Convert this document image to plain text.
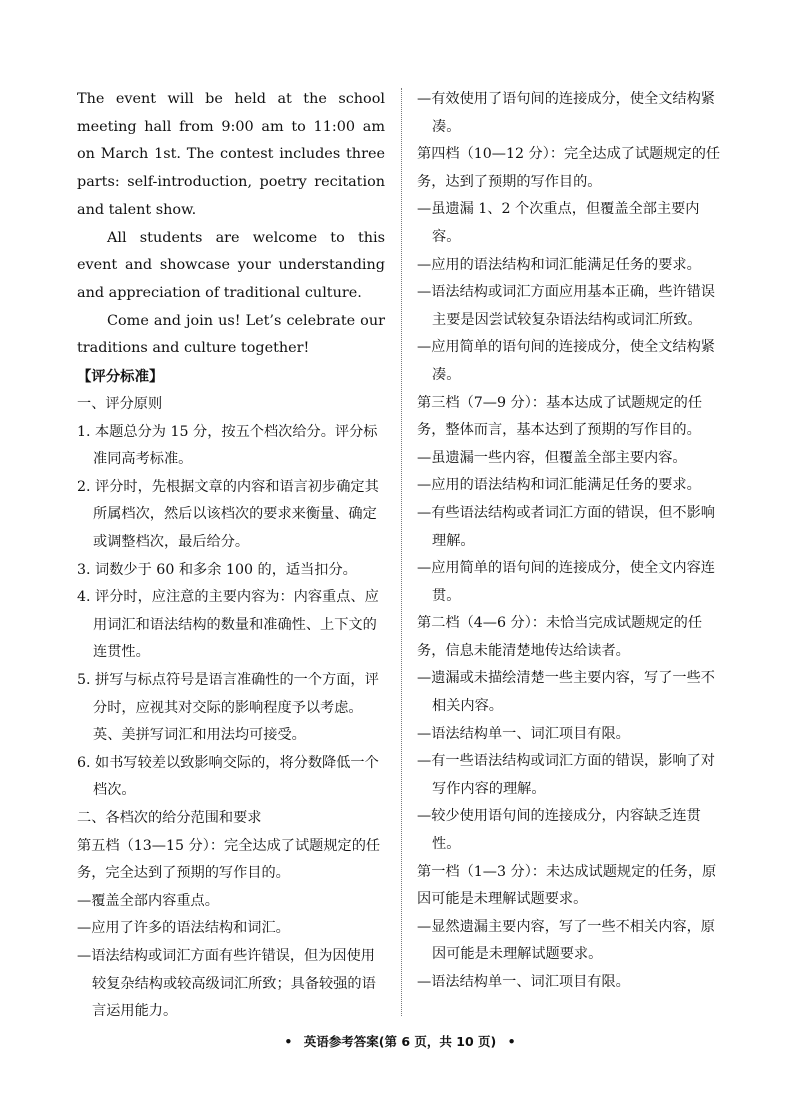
The event will be held at the school meeting hall from 9:00 am to 11:00 am on March 1st. The contest includes three parts: self-introduction, poetry recitation and talent show.

All students are welcome to this event and showcase your understanding and appreciation of traditional culture.

Come and join us! Let’s celebrate our traditions and culture together!

【评分标准】

一、评分原则

1. 本题总分为 15 分，按五个档次给分。评分标准同高考标准。

2. 评分时，先根据文章的内容和语言初步确定其所属档次，然后以该档次的要求来衡量、确定或调整档次，最后给分。

3. 词数少于 60 和多余 100 的，适当扣分。

4. 评分时，应注意的主要内容为：内容重点、应用词汇和语法结构的数量和准确性、上下文的连贯性。

5. 拼写与标点符号是语言准确性的一个方面，评分时，应视其对交际的影响程度予以考虑。英、美拼写词汇和用法均可接受。

6. 如书写较差以致影响交际的，将分数降低一个档次。

二、各档次的给分范围和要求

第五档（13—15 分）：完全达成了试题规定的任务，完全达到了预期的写作目的。

—覆盖全部内容重点。

—应用了许多的语法结构和词汇。

—语法结构或词汇方面有些许错误，但为因使用较复杂结构或较高级词汇所致；具备较强的语言运用能力。

—有效使用了语句间的连接成分，使全文结构紧凑。

第四档（10—12 分）：完全达成了试题规定的任务，达到了预期的写作目的。

—虽遗漏 1、2 个次重点，但覆盖全部主要内容。

—应用的语法结构和词汇能满足任务的要求。

—语法结构或词汇方面应用基本正确，些许错误主要是因尝试较复杂语法结构或词汇所致。

—应用简单的语句间的连接成分，使全文结构紧凑。

第三档（7—9 分）：基本达成了试题规定的任务，整体而言，基本达到了预期的写作目的。

—虽遗漏一些内容，但覆盖全部主要内容。

—应用的语法结构和词汇能满足任务的要求。

—有些语法结构或者词汇方面的错误，但不影响理解。

—应用简单的语句间的连接成分，使全文内容连贯。

第二档（4—6 分）：未恰当完成试题规定的任务，信息未能清楚地传达给读者。

—遗漏或未描绘清楚一些主要内容，写了一些不相关内容。

—语法结构单一、词汇项目有限。

—有一些语法结构或词汇方面的错误，影响了对写作内容的理解。

—较少使用语句间的连接成分，内容缺乏连贯性。

第一档（1—3 分）：未达成试题规定的任务，原因可能是未理解试题要求。

—显然遗漏主要内容，写了一些不相关内容，原因可能是未理解试题要求。

—语法结构单一、词汇项目有限。

• 英语参考答案(第 6 页，共 10 页) •
